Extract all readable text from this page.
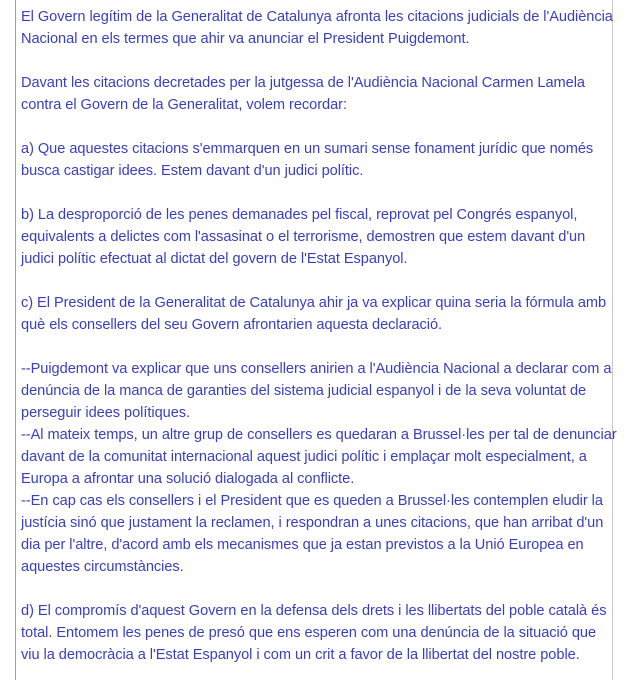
El Govern legítim de la Generalitat de Catalunya afronta les citacions judicials de l'Audiència Nacional en els termes que ahir va anunciar el President Puigdemont.

Davant les citacions decretades per la jutgessa de l'Audiència Nacional Carmen Lamela contra el Govern de la Generalitat, volem recordar:

a) Que aquestes citacions s'emmarquen en un sumari sense fonament jurídic que només busca castigar idees. Estem davant d'un judici polític.

b) La desproporció de les penes demanades pel fiscal, reprovat pel Congrés espanyol, equivalents a delictes com l'assasinat o el terrorisme, demostren que estem davant d'un judici polític efectuat al dictat del govern de l'Estat Espanyol.

c) El President de la Generalitat de Catalunya ahir ja va explicar quina seria la fórmula amb què els consellers del seu Govern afrontarien aquesta declaració.

--Puigdemont va explicar que uns consellers anirien a l'Audiència Nacional a declarar com a denúncia de la manca de garanties del sistema judicial espanyol i de la seva voluntat de perseguir idees polítiques.

--Al mateix temps, un altre grup de consellers es quedaran a Brussel·les per tal de denunciar davant de la comunitat internacional aquest judici polític i emplaçar molt especialment, a Europa a afrontar una solució dialogada al conflicte.

--En cap cas els consellers i el President que es queden a Brussel·les contemplen eludir la justícia sinó que justament la reclamen, i respondran a unes citacions, que han arribat d'un dia per l'altre, d'acord amb els mecanismes que ja estan previstos a la Unió Europea en aquestes circumstàncies.

d) El compromís d'aquest Govern en la defensa dels drets i les llibertats del poble català és total. Entomem les penes de presó que ens esperen com una denúncia de la situació que viu la democràcia a l'Estat Espanyol i com un crit a favor de la llibertat del nostre poble.
